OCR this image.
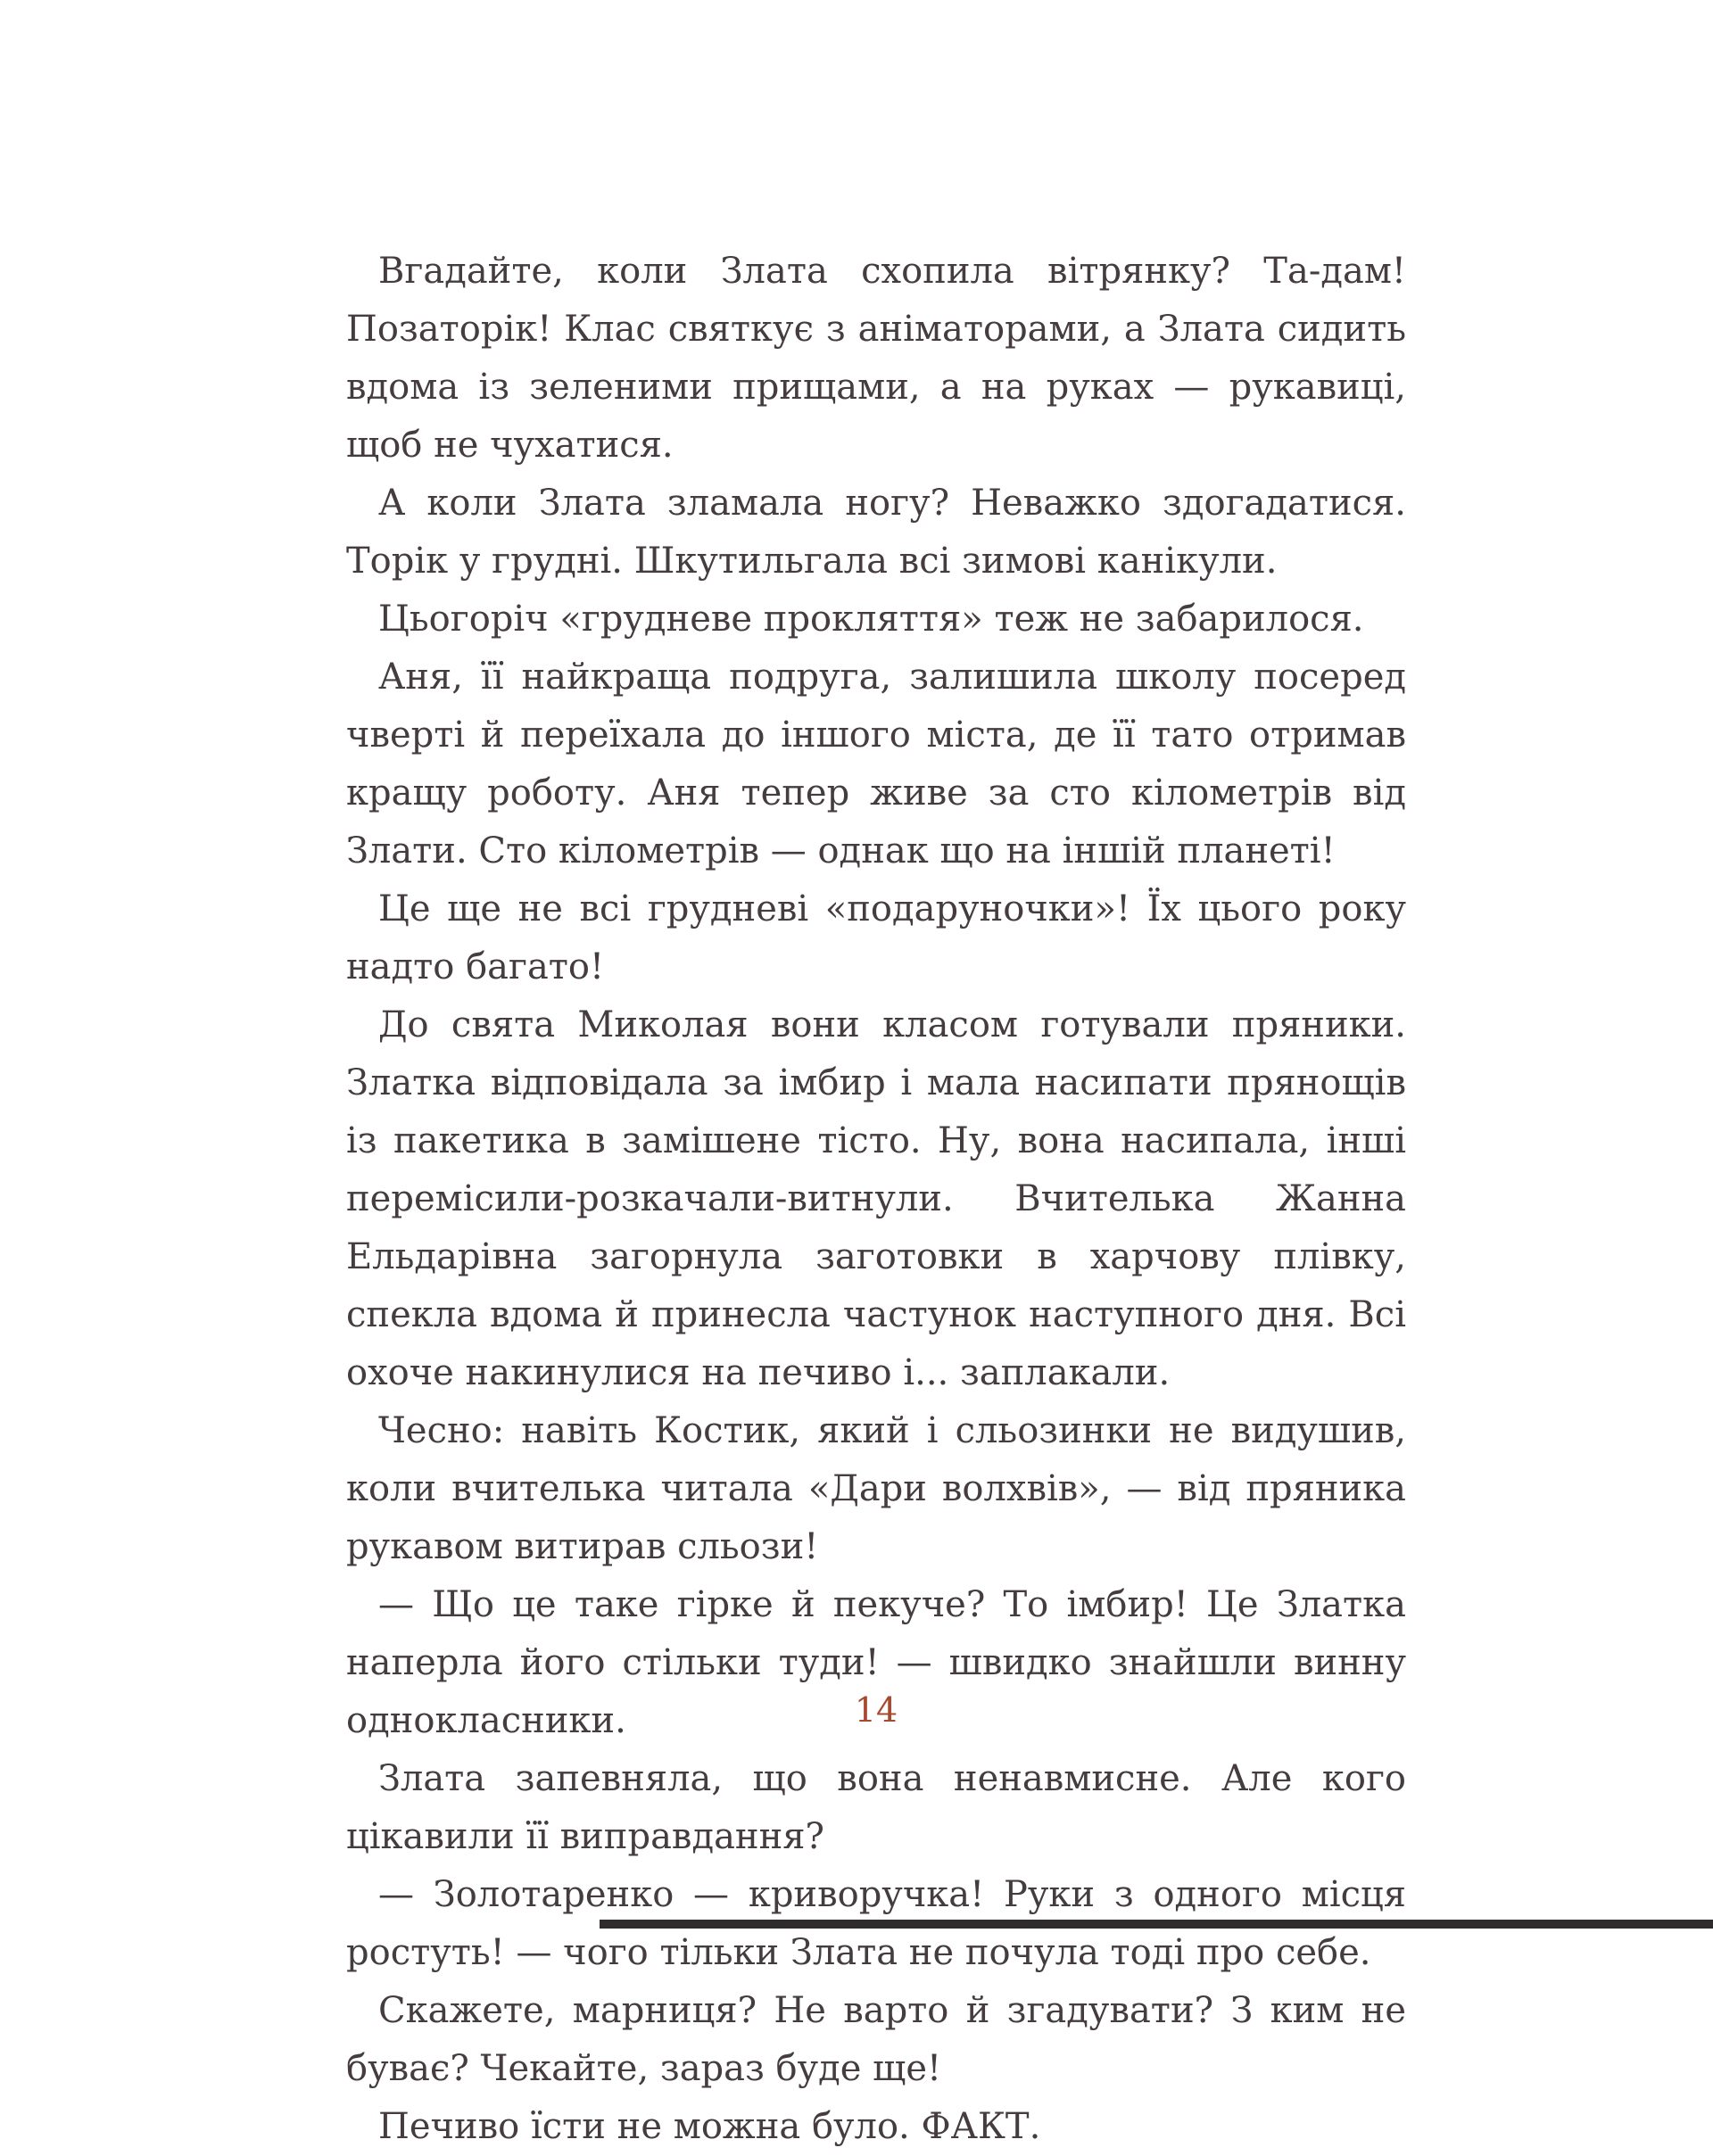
Вгадайте, коли Злата схопила вітрянку? Та-дам! Позаторік! Клас святкує з аніматорами, а Злата сидить вдома із зеленими прищами, а на руках — рукавиці, щоб не чухатися.

А коли Злата зламала ногу? Неважко здогадатися. Торік у грудні. Шкутильгала всі зимові канікули.

Цьогоріч «грудневе прокляття» теж не забарилося.

Аня, її найкраща подруга, залишила школу посеред чверті й переїхала до іншого міста, де її тато отримав кращу роботу. Аня тепер живе за сто кілометрів від Злати. Сто кілометрів — однак що на іншій планеті!

Це ще не всі грудневі «подаруночки»! Їх цього року надто багато!

До свята Миколая вони класом готували пряники. Златка відповідала за імбир і мала насипати прянощів із пакетика в замішене тісто. Ну, вона насипала, інші перемісили-розкачали-витнули. Вчителька Жанна Ельдарівна загорнула заготовки в харчову плівку, спекла вдома й принесла частунок наступного дня. Всі охоче накинулися на печиво і... заплакали.

Чесно: навіть Костик, який і сльозинки не видушив, коли вчителька читала «Дари волхвів», — від пряника рукавом витирав сльози!

— Що це таке гірке й пекуче? То імбир! Це Златка наперла його стільки туди! — швидко знайшли винну однокласники.

Злата запевняла, що вона ненавмисне. Але кого цікавили її виправдання?

— Золотаренко — криворучка! Руки з одного місця ростуть! — чого тільки Злата не почула тоді про себе.

Скажете, марниця? Не варто й згадувати? З ким не буває? Чекайте, зараз буде ще!

Печиво їсти не можна було. ФАКТ.

14
